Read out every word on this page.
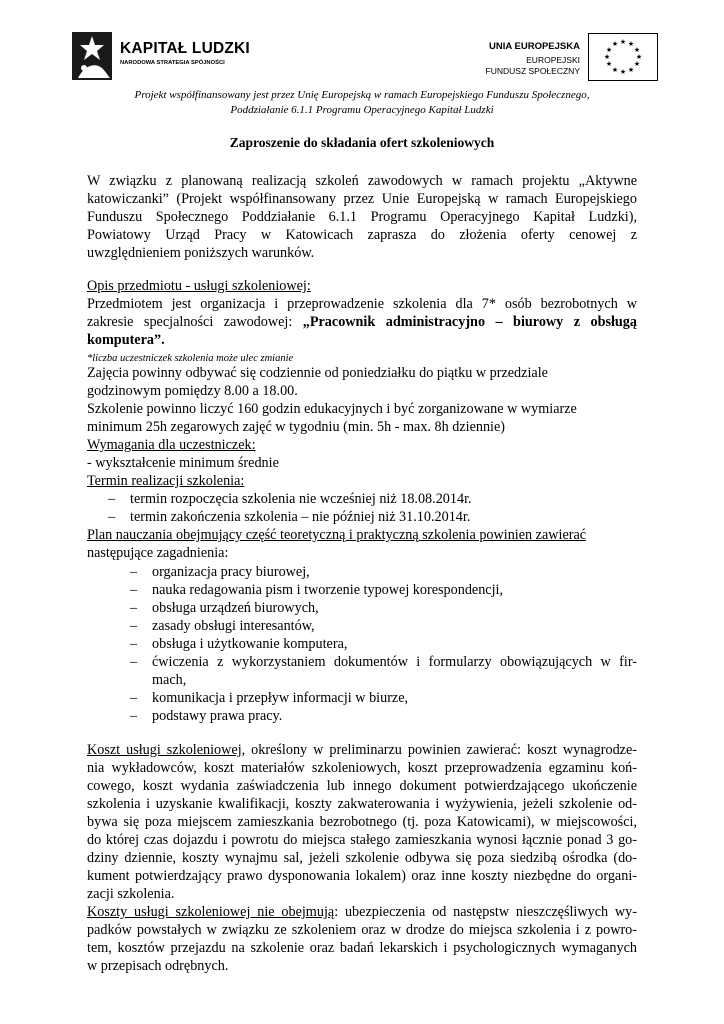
KAPITAŁ LUDZKI
NARODOWA STRATEGIA SPÓJNOŚCI
UNIA EUROPEJSKA
EUROPEJSKI
FUNDUSZ SPOŁECZNY
★ ★
★
★
★
★
★
★
★
★
★
★
Projekt współfinansowany jest przez Unię Europejską w ramach Europejskiego Funduszu Społecznego,
Poddziałanie 6.1.1 Programu Operacyjnego Kapitał Ludzki
Zaproszenie do składania ofert szkoleniowych
W związku z planowaną realizacją szkoleń zawodowych w ramach projektu „Aktywne
katowiczanki” (Projekt współfinansowany przez Unie Europejską w ramach Europejskiego
Funduszu Społecznego Poddziałanie 6.1.1 Programu Operacyjnego Kapitał Ludzki),
Powiatowy Urząd Pracy w Katowicach zaprasza do złożenia oferty cenowej z
uwzględnieniem poniższych warunków.
Opis przedmiotu - usługi szkoleniowej:
Przedmiotem jest organizacja i przeprowadzenie szkolenia dla 7* osób bezrobotnych w
zakresie specjalności zawodowej: „Pracownik administracyjno – biurowy z obsługą
komputera”.
*liczba uczestniczek szkolenia może ulec zmianie
Zajęcia powinny odbywać się codziennie od poniedziałku do piątku w przedziale
godzinowym pomiędzy 8.00 a 18.00.
Szkolenie powinno liczyć 160 godzin edukacyjnych i być zorganizowane w wymiarze
minimum 25h zegarowych zajęć w tygodniu (min. 5h - max. 8h dziennie)
Wymagania dla uczestniczek:
- wykształcenie minimum średnie
Termin realizacji szkolenia:
– termin rozpoczęcia szkolenia nie wcześniej niż 18.08.2014r.
– termin zakończenia szkolenia – nie później niż 31.10.2014r.
Plan nauczania obejmujący część teoretyczną i praktyczną szkolenia powinien zawierać
następujące zagadnienia:
– organizacja pracy biurowej,
– nauka redagowania pism i tworzenie typowej korespondencji,
– obsługa urządzeń biurowych,
– zasady obsługi interesantów,
– obsługa i użytkowanie komputera,
– ćwiczenia z wykorzystaniem dokumentów i formularzy obowiązujących w fir-
mach,
– komunikacja i przepływ informacji w biurze,
– podstawy prawa pracy.
Koszt usługi szkoleniowej, określony w preliminarzu powinien zawierać: koszt wynagrodze-
nia wykładowców, koszt materiałów szkoleniowych, koszt przeprowadzenia egzaminu koń-
cowego, koszt wydania zaświadczenia lub innego dokument potwierdzającego ukończenie
szkolenia i uzyskanie kwalifikacji, koszty zakwaterowania i wyżywienia, jeżeli szkolenie od-
bywa się poza miejscem zamieszkania bezrobotnego (tj. poza Katowicami), w miejscowości,
do której czas dojazdu i powrotu do miejsca stałego zamieszkania wynosi łącznie ponad 3 go-
dziny dziennie, koszty wynajmu sal, jeżeli szkolenie odbywa się poza siedzibą ośrodka (do-
kument potwierdzający prawo dysponowania lokalem) oraz inne koszty niezbędne do organi-
zacji szkolenia.
Koszty usługi szkoleniowej nie obejmują: ubezpieczenia od następstw nieszczęśliwych wy-
padków powstałych w związku ze szkoleniem oraz w drodze do miejsca szkolenia i z powro-
tem, kosztów przejazdu na szkolenie oraz badań lekarskich i psychologicznych wymaganych
w przepisach odrębnych.
